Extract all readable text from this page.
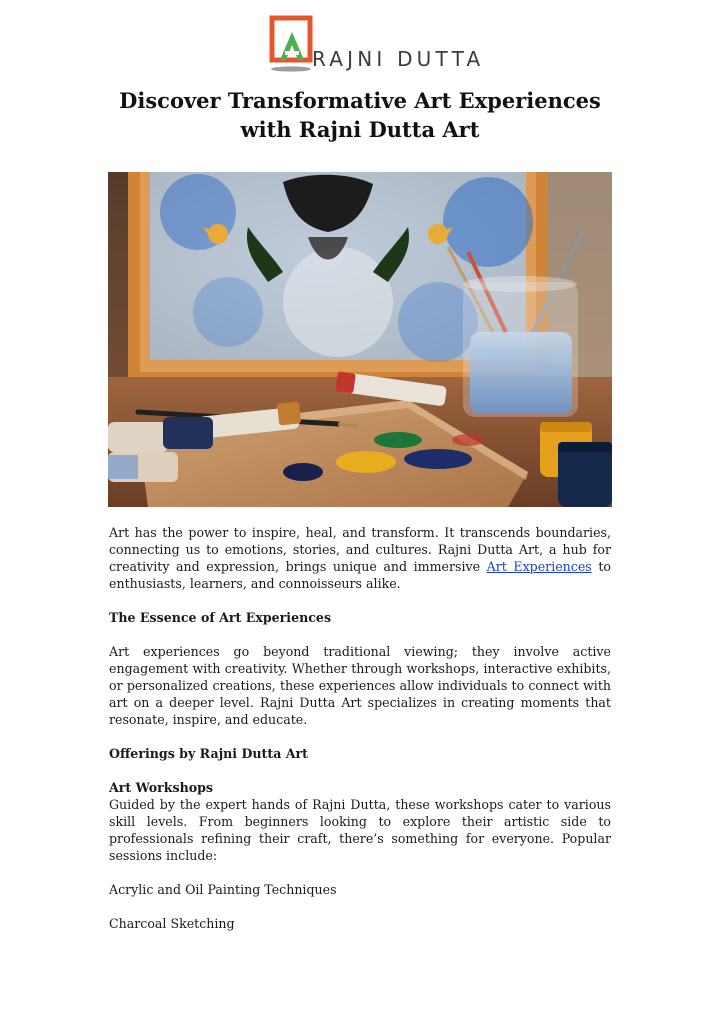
RAJNI DUTTA
Discover Transformative Art Experiences
with Rajni Dutta Art

Art has the power to inspire, heal, and transform. It transcends boundaries, connecting us to emotions, stories, and cultures. Rajni Dutta Art, a hub for creativity and expression, brings unique and immersive Art Experiences to enthusiasts, learners, and connoisseurs alike.

The Essence of Art Experiences

Art experiences go beyond traditional viewing; they involve active engagement with creativity. Whether through workshops, interactive exhibits, or personalized creations, these experiences allow individuals to connect with art on a deeper level. Rajni Dutta Art specializes in creating moments that resonate, inspire, and educate.

Offerings by Rajni Dutta Art
Art Workshops

Guided by the expert hands of Rajni Dutta, these workshops cater to various skill levels. From beginners looking to explore their artistic side to professionals refining their craft, there’s something for everyone. Popular sessions include:

Acrylic and Oil Painting Techniques

Charcoal Sketching
